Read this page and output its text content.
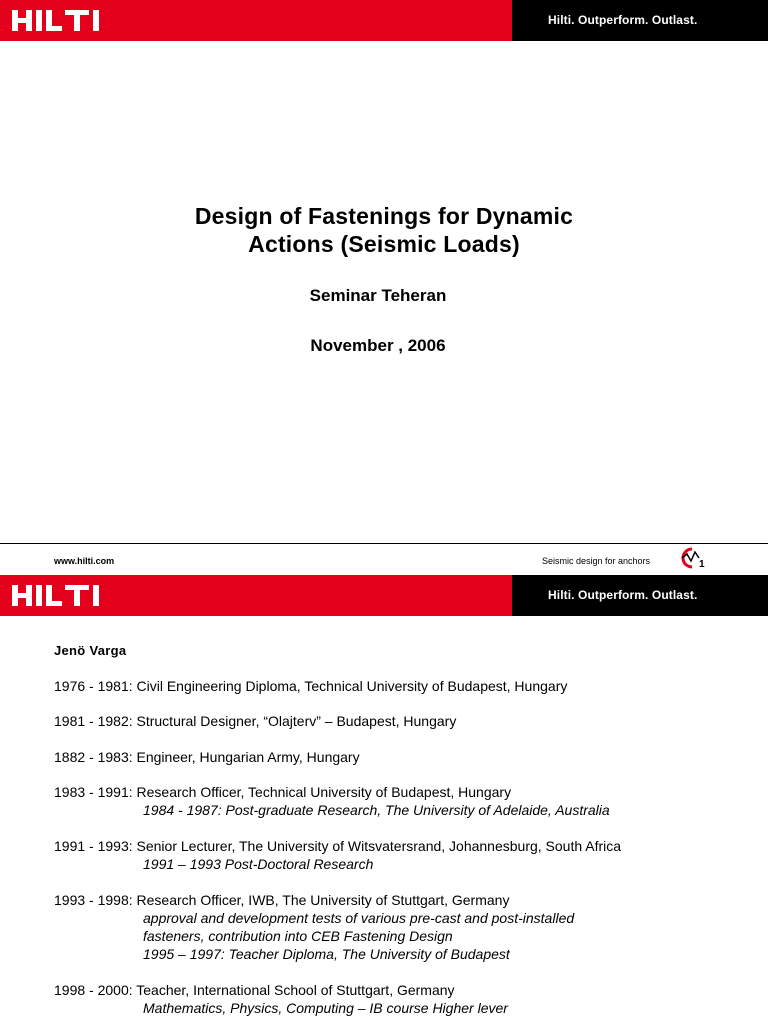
Hilti. Outperform. Outlast.
Design of Fastenings for Dynamic
Actions (Seismic Loads)
Seminar Teheran
November , 2006
www.hilti.com	Seismic design for anchors	1
Hilti. Outperform. Outlast.
Jenö Varga
1976 - 1981: Civil Engineering Diploma, Technical University of Budapest, Hungary
1981 - 1982: Structural Designer, “Olajterv” – Budapest, Hungary
1882 - 1983: Engineer, Hungarian Army, Hungary
1983 - 1991: Research Officer, Technical University of Budapest, Hungary
1984 - 1987: Post-graduate Research, The University of Adelaide, Australia
1991 - 1993: Senior Lecturer, The University of Witsvatersrand, Johannesburg, South Africa
1991 – 1993 Post-Doctoral Research
1993 - 1998: Research Officer, IWB, The University of Stuttgart, Germany
approval and development tests of various pre-cast and post-installed
fasteners, contribution into CEB Fastening Design
1995 – 1997: Teacher Diploma, The University of Budapest
1998 - 2000: Teacher, International School of Stuttgart, Germany
Mathematics, Physics, Computing – IB course Higher lever
